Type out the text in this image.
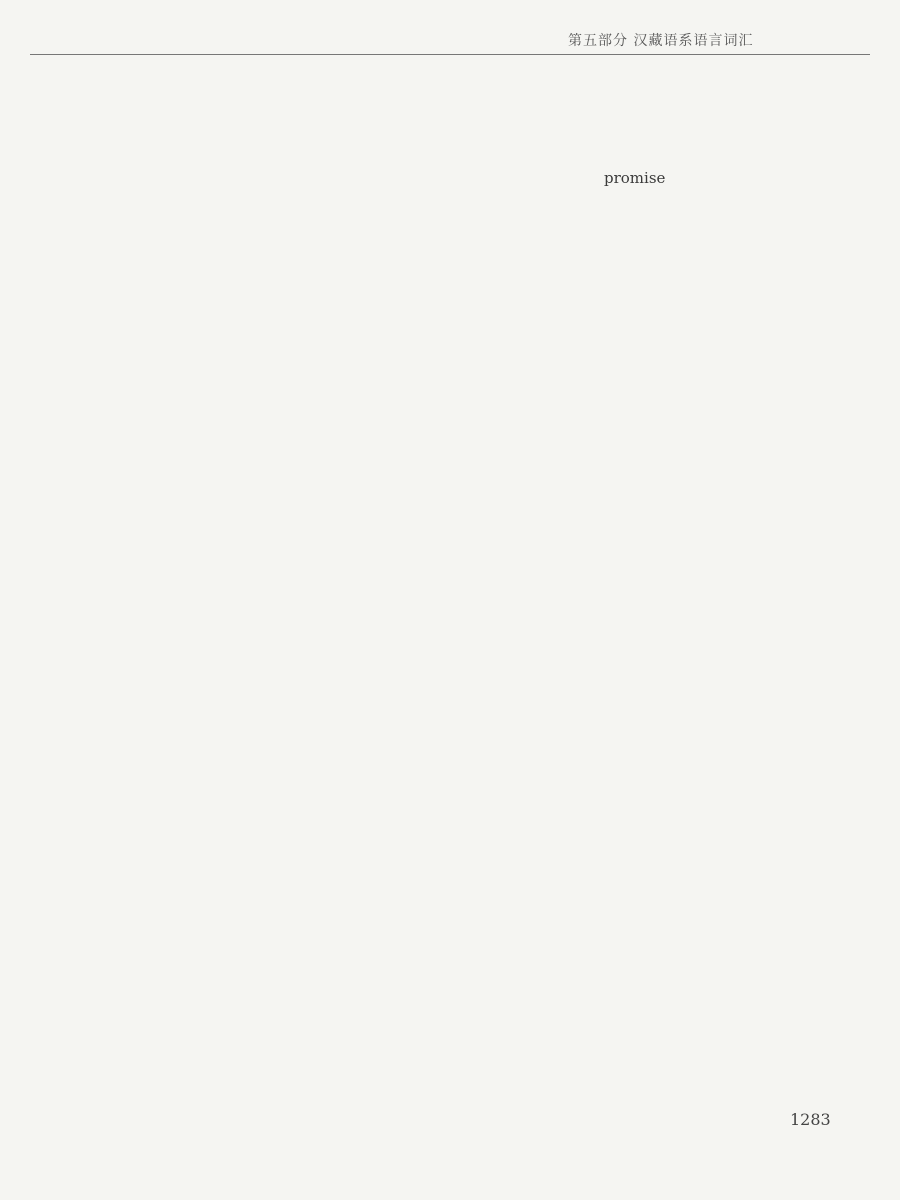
第五部分 汉藏语系语言词汇
promise
1283
